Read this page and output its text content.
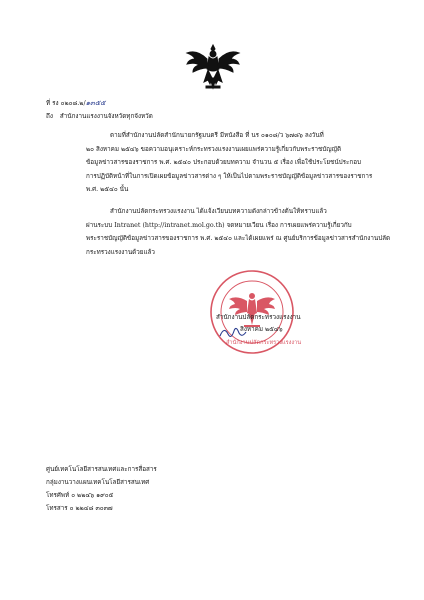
ที่ รง ๐๒๐๘.๒/๑๓๕๕
ถึง สำนักงานแรงงานจังหวัดทุกจังหวัด

ตามที่สำนักงานปลัดสำนักนายกรัฐมนตรี มีหนังสือ ที่ นร ๐๑๐๘/ว ๖๗๘๖ ลงวันที่

๒๐ สิงหาคม ๒๕๔๖ ขอความอนุเคราะห์กระทรวงแรงงานเผยแพร่ความรู้เกี่ยวกับพระราชบัญญัติ

ข้อมูลข่าวสารของราชการ พ.ศ. ๒๕๔๐ ประกอบด้วยบทความ จำนวน ๕ เรื่อง เพื่อใช้ประโยชน์ประกอบ

การปฏิบัติหน้าที่ในการเปิดเผยข้อมูลข่าวสารต่าง ๆ ให้เป็นไปตามพระราชบัญญัติข้อมูลข่าวสารของราชการ

พ.ศ. ๒๕๔๐ นั้น

สำนักงานปลัดกระทรวงแรงงาน ได้แจ้งเวียนบทความดังกล่าวข้างต้นให้ทราบแล้ว

ผ่านระบบ Intranet (http://intranet.mol.go.th) จดหมายเวียน เรื่อง การเผยแพร่ความรู้เกี่ยวกับ

พระราชบัญญัติข้อมูลข่าวสารของราชการ พ.ศ. ๒๕๔๐ และได้เผยแพร่ ณ ศูนย์บริการข้อมูลข่าวสารสำนักงานปลัด

กระทรวงแรงงานด้วยแล้ว

สำนักงานปลัดกระทรวงแรงงาน
สำนักงานปลัดกระทรวงแรงงาน
สิงหาคม ๒๕๔๖
ศูนย์เทคโนโลยีสารสนเทศและการสื่อสาร
กลุ่มงานวางแผนเทคโนโลยีสารสนเทศ
โทรศัพท์ ๐ ๒๒๔๖ ๑๙๐๕
โทรสาร ๐ ๒๒๔๘ ๓๐๓๗
